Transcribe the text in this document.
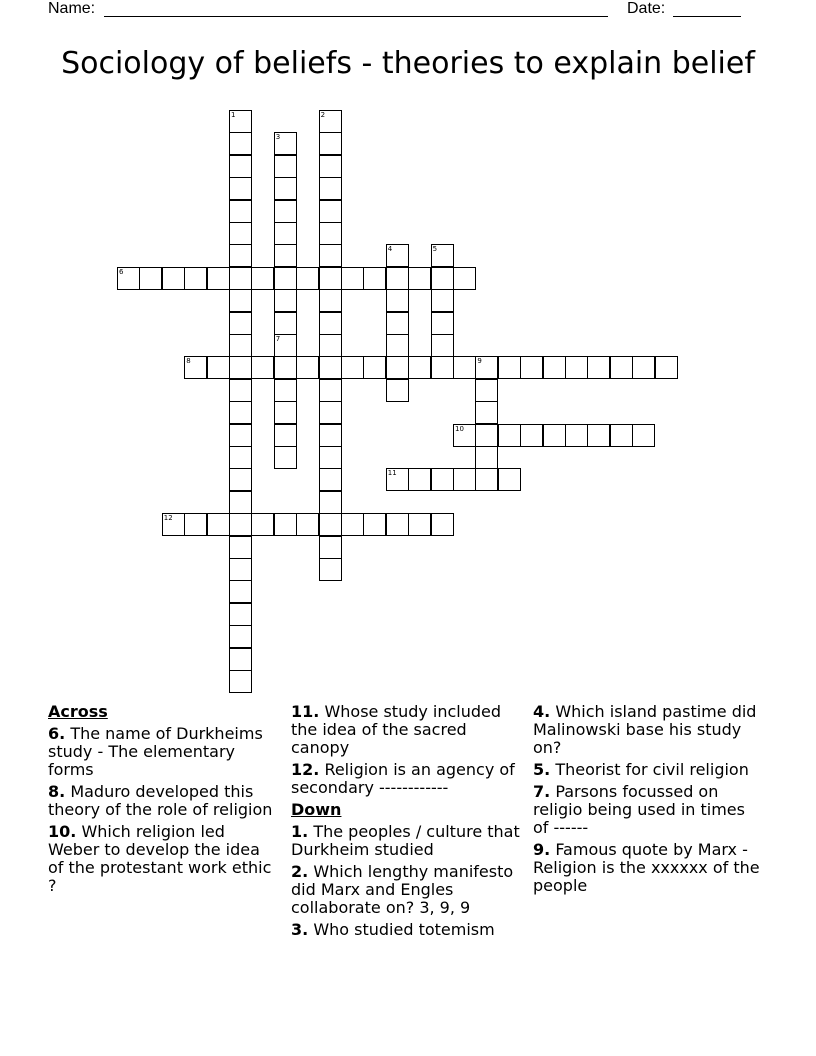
Name:	Date:
Sociology of beliefs - theories to explain belief
1	2
3
4	5
6
7
8	9
10
11
12
Across
6. The name of Durkheims study - The elementary forms
8. Maduro developed this theory of the role of religion
10. Which religion led Weber to develop the idea of the protestant work ethic ?
11. Whose study included the idea of the sacred canopy
12. Religion is an agency of secondary ------------
Down
1. The peoples / culture that Durkheim studied
2. Which lengthy manifesto did Marx and Engles collaborate on? 3, 9, 9
3. Who studied totemism
4. Which island pastime did Malinowski base his study on?
5. Theorist for civil religion
7. Parsons focussed on religio being used in times of ------
9. Famous quote by Marx - Religion is the xxxxxx of the people
